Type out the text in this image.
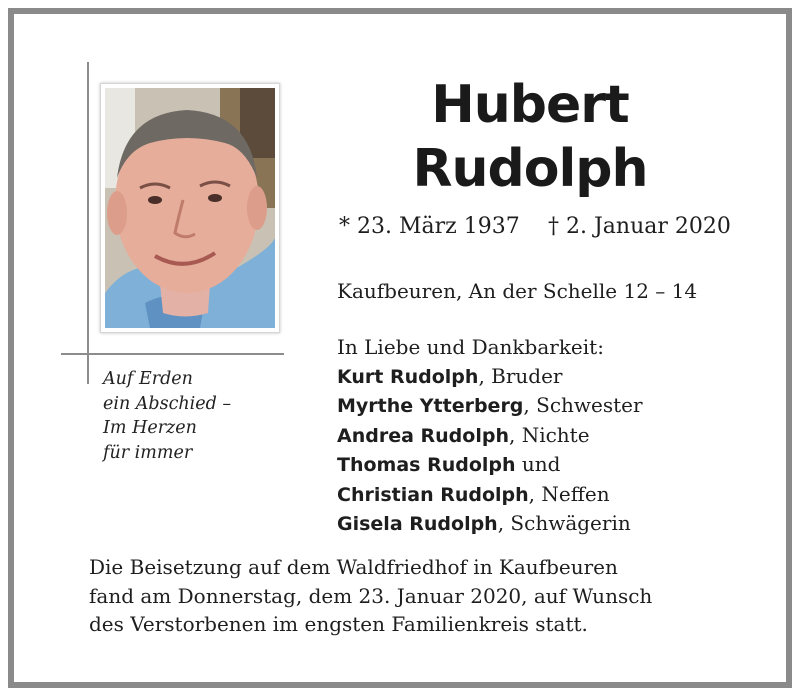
Auf Erden
ein Abschied –
Im Herzen
für immer
Hubert
Rudolph
* 23. März 1937 † 2. Januar 2020
Kaufbeuren, An der Schelle 12 – 14
In Liebe und Dankbarkeit:
Kurt Rudolph, Bruder
Myrthe Ytterberg, Schwester
Andrea Rudolph, Nichte
Thomas Rudolph und
Christian Rudolph, Neffen
Gisela Rudolph, Schwägerin
Die Beisetzung auf dem Waldfriedhof in Kaufbeuren
fand am Donnerstag, dem 23. Januar 2020, auf Wunsch
des Verstorbenen im engsten Familienkreis statt.
